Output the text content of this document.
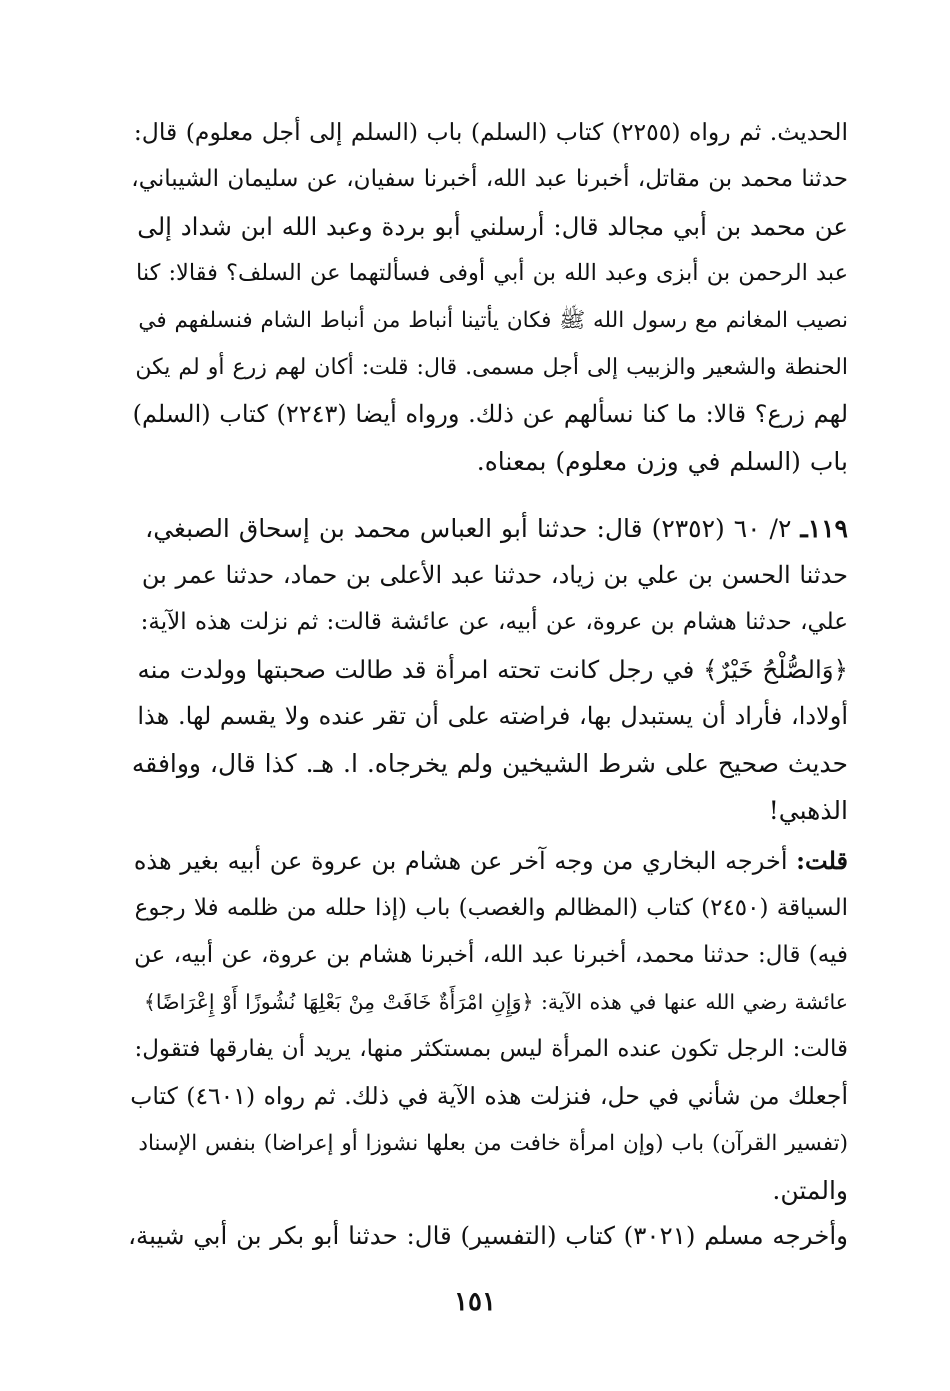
الحديث. ثم رواه (٢٢٥٥) كتاب (السلم) باب (السلم إلى أجل معلوم) قال:
حدثنا محمد بن مقاتل، أخبرنا عبد الله، أخبرنا سفيان، عن سليمان الشيباني،
عن محمد بن أبي مجالد قال: أرسلني أبو بردة وعبد الله ابن شداد إلى
عبد الرحمن بن أبزى وعبد الله بن أبي أوفى فسألتهما عن السلف؟ فقالا: كنا
نصيب المغانم مع رسول الله ﷺ فكان يأتينا أنباط من أنباط الشام فنسلفهم في
الحنطة والشعير والزبيب إلى أجل مسمى. قال: قلت: أكان لهم زرع أو لم يكن
لهم زرع؟ قالا: ما كنا نسألهم عن ذلك. ورواه أيضا (٢٢٤٣) كتاب (السلم)
باب (السلم في وزن معلوم) بمعناه.
١١٩ـ ٢/ ٦٠ (٢٣٥٢) قال: حدثنا أبو العباس محمد بن إسحاق الصبغي،
حدثنا الحسن بن علي بن زياد، حدثنا عبد الأعلى بن حماد، حدثنا عمر بن
علي، حدثنا هشام بن عروة، عن أبيه، عن عائشة قالت: ثم نزلت هذه الآية:
﴿وَالصُّلْحُ خَيْرٌ﴾ في رجل كانت تحته امرأة قد طالت صحبتها وولدت منه
أولادا، فأراد أن يستبدل بها، فراضته على أن تقر عنده ولا يقسم لها. هذا
حديث صحيح على شرط الشيخين ولم يخرجاه. ا. هـ. كذا قال، ووافقه
الذهبي!
قلت: أخرجه البخاري من وجه آخر عن هشام بن عروة عن أبيه بغير هذه
السياقة (٢٤٥٠) كتاب (المظالم والغصب) باب (إذا حلله من ظلمه فلا رجوع
فيه) قال: حدثنا محمد، أخبرنا عبد الله، أخبرنا هشام بن عروة، عن أبيه، عن
عائشة رضي الله عنها في هذه الآية: ﴿وَإِنِ امْرَأَةٌ خَافَتْ مِنْ بَعْلِهَا نُشُوزًا أَوْ إِعْرَاضًا﴾
قالت: الرجل تكون عنده المرأة ليس بمستكثر منها، يريد أن يفارقها فتقول:
أجعلك من شأني في حل، فنزلت هذه الآية في ذلك. ثم رواه (٤٦٠١) كتاب
(تفسير القرآن) باب (وإن امرأة خافت من بعلها نشوزا أو إعراضا) بنفس الإسناد
والمتن.
وأخرجه مسلم (٣٠٢١) كتاب (التفسير) قال: حدثنا أبو بكر بن أبي شيبة،
١٥١
